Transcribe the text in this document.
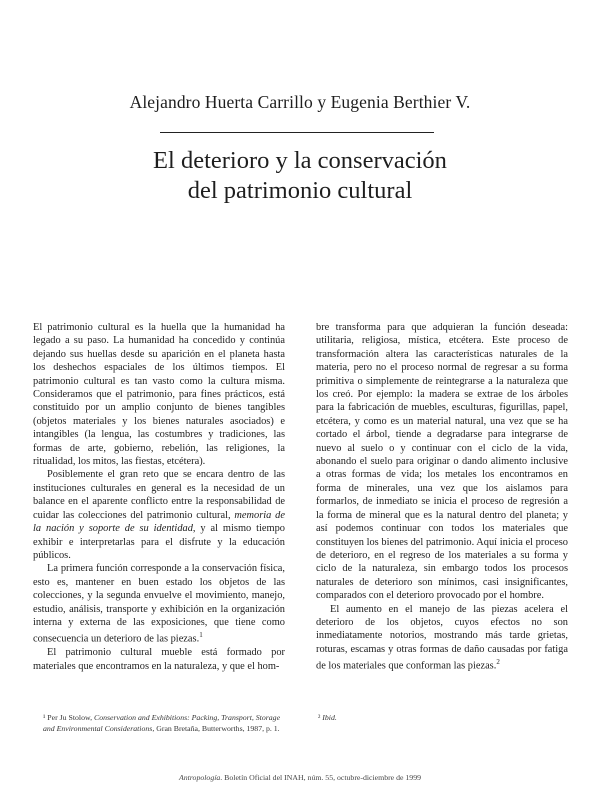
Alejandro Huerta Carrillo y Eugenia Berthier V.
El deterioro y la conservación
del patrimonio cultural

El patrimonio cultural es la huella que la humanidad ha legado a su paso. La humanidad ha concedido y continúa dejando sus huellas desde su aparición en el planeta hasta los deshechos espaciales de los últimos tiempos. El patrimonio cultural es tan vasto como la cultura misma. Consideramos que el patrimonio, para fines prácticos, está constituido por un amplio conjunto de bienes tangibles (objetos materiales y los bienes naturales asociados) e intangibles (la lengua, las costumbres y tradiciones, las formas de arte, gobierno, rebelión, las religiones, la ritualidad, los mitos, las fiestas, etcétera).

Posiblemente el gran reto que se encara dentro de las instituciones culturales en general es la necesidad de un balance en el aparente conflicto entre la responsabilidad de cuidar las colecciones del patrimonio cultural, memoria de la nación y soporte de su identidad, y al mismo tiempo exhibir e interpretarlas para el disfrute y la educación públicos.

La primera función corresponde a la conservación física, esto es, mantener en buen estado los objetos de las colecciones, y la segunda envuelve el movimiento, manejo, estudio, análisis, transporte y exhibición en la organización interna y externa de las exposiciones, que tiene como consecuencia un deterioro de las piezas.$^1$

El patrimonio cultural mueble está formado por materiales que encontramos en la naturaleza, y que el hom-

bre transforma para que adquieran la función deseada: utilitaria, religiosa, mística, etcétera. Este proceso de transformación altera las características naturales de la materia, pero no el proceso normal de regresar a su forma primitiva o simplemente de reintegrarse a la naturaleza que los creó. Por ejemplo: la madera se extrae de los árboles para la fabricación de muebles, esculturas, figurillas, papel, etcétera, y como es un material natural, una vez que se ha cortado el árbol, tiende a degradarse para integrarse de nuevo al suelo o y continuar con el ciclo de la vida, abonando el suelo para originar o dando alimento inclusive a otras formas de vida; los metales los encontramos en forma de minerales, una vez que los aislamos para formarlos, de inmediato se inicia el proceso de regresión a la forma de mineral que es la natural dentro del planeta; y así podemos continuar con todos los materiales que constituyen los bienes del patrimonio. Aquí inicia el proceso de deterioro, en el regreso de los materiales a su forma y ciclo de la naturaleza, sin embargo todos los procesos naturales de deterioro son mínimos, casi insignificantes, comparados con el deterioro provocado por el hombre.

El aumento en el manejo de las piezas acelera el deterioro de los objetos, cuyos efectos no son inmediatamente notorios, mostrando más tarde grietas, roturas, escamas y otras formas de daño causadas por fatiga de los materiales que conforman las piezas.$^2$

¹ Per Ju Stolow, Conservation and Exhibitions: Packing, Transport, Storage and Environmental Considerations, Gran Bretaña, Butterworths, 1987, p. 1.
² Ibid.
Antropología. Boletín Oficial del INAH, núm. 55, octubre-diciembre de 1999
